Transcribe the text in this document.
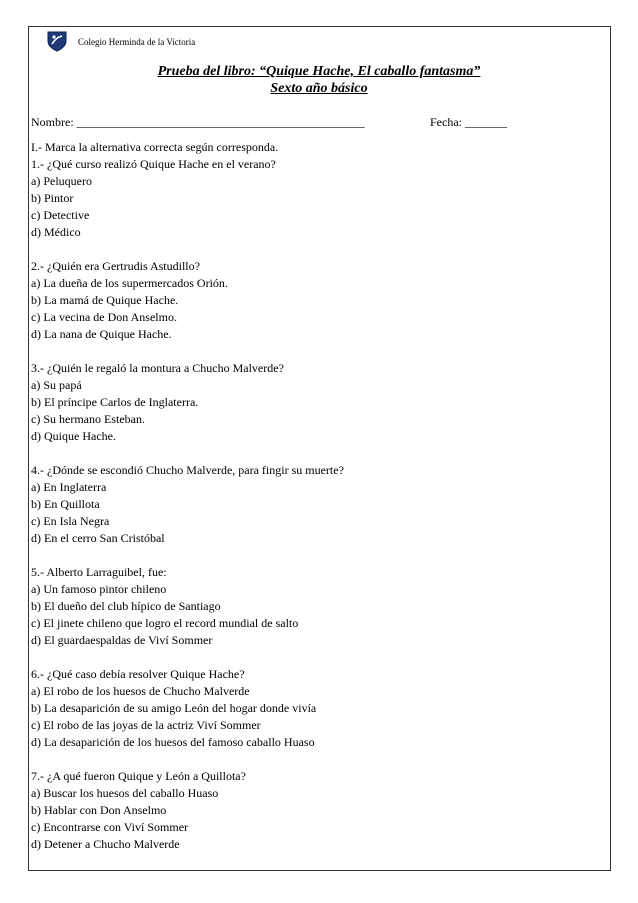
Colegio Herminda de la Victoria
Prueba del libro: “Quique Hache, El caballo fantasma”
Sexto año básico
Nombre: ________________________________________________	Fecha: _______
I.- Marca la alternativa correcta según corresponda.
1.- ¿Qué curso realizó Quique Hache en el verano?
a) Peluquero
b) Pintor
c) Detective
d) Médico
2.- ¿Quién era Gertrudis Astudillo?
a) La dueña de los supermercados Orión.
b) La mamá de Quique Hache.
c) La vecina de Don Anselmo.
d) La nana de Quique Hache.
3.- ¿Quién le regaló la montura a Chucho Malverde?
a) Su papá
b) El príncipe Carlos de Inglaterra.
c) Su hermano Esteban.
d) Quique Hache.
4.- ¿Dónde se escondió Chucho Malverde, para fingir su muerte?
a) En Inglaterra
b) En Quillota
c) En Isla Negra
d) En el cerro San Cristóbal
5.- Alberto Larraguibel, fue:
a) Un famoso pintor chileno
b) El dueño del club hípico de Santiago
c) El jinete chileno que logro el record mundial de salto
d) El guardaespaldas de Viví Sommer
6.- ¿Qué caso debía resolver Quique Hache?
a) El robo de los huesos de Chucho Malverde
b) La desaparición de su amigo León del hogar donde vivía
c) El robo de las joyas de la actriz Viví Sommer
d) La desaparición de los huesos del famoso caballo Huaso
7.- ¿A qué fueron Quique y León a Quillota?
a) Buscar los huesos del caballo Huaso
b) Hablar con Don Anselmo
c) Encontrarse con Viví Sommer
d) Detener a Chucho Malverde
